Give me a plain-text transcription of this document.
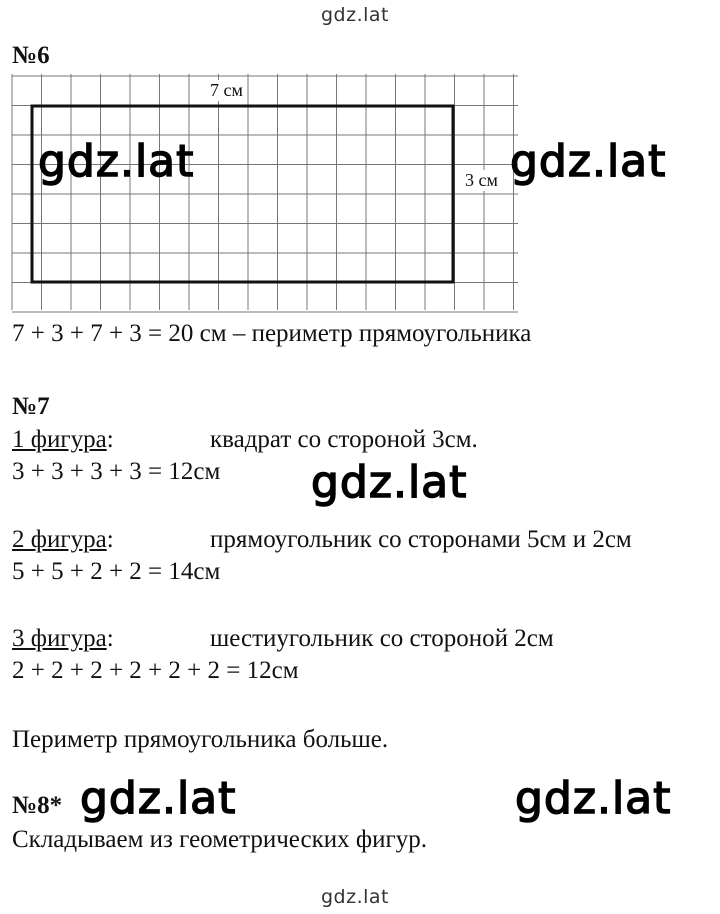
gdz.lat
№6
7 см
3 см
7 + 3 + 7 + 3 = 20 см – периметр прямоугольника
№7
1 фигура:	квадрат со стороной 3см.
3 + 3 + 3 + 3 = 12см
2 фигура:	прямоугольник со сторонами 5см и 2см
5 + 5 + 2 + 2 = 14см
3 фигура:	шестиугольник со стороной 2см
2 + 2 + 2 + 2 + 2 + 2 = 12см
Периметр прямоугольника больше.
№8*
Складываем из геометрических фигур.
gdz.lat	gdz.lat
gdz.lat
gdz.lat	gdz.lat
gdz.lat
